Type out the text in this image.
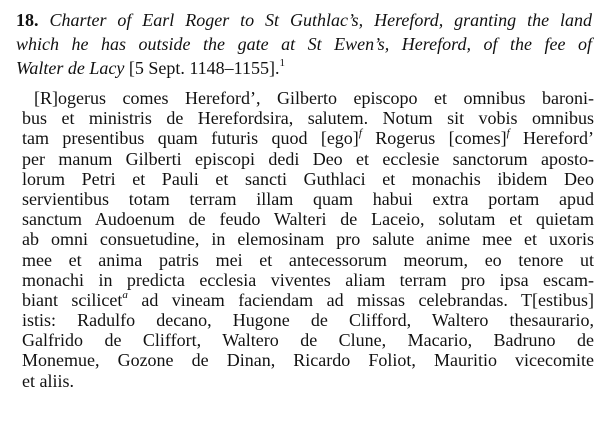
18. Charter of Earl Roger to St Guthlac’s, Hereford, granting the land
which he has outside the gate at St Ewen’s, Hereford, of the fee of
Walter de Lacy [5 Sept. 1148–1155].$^1$
[R]ogerus comes Hereford’, Gilberto episcopo et omnibus baroni-
bus et ministris de Herefordsira, salutem. Notum sit vobis omnibus
tam presentibus quam futuris quod [ego]$^f$ Rogerus [comes]$^f$ Hereford’
per manum Gilberti episcopi dedi Deo et ecclesie sanctorum aposto-
lorum Petri et Pauli et sancti Guthlaci et monachis ibidem Deo
servientibus totam terram illam quam habui extra portam apud
sanctum Audoenum de feudo Walteri de Laceio, solutam et quietam
ab omni consuetudine, in elemosinam pro salute anime mee et uxoris
mee et anima patris mei et antecessorum meorum, eo tenore ut
monachi in predicta ecclesia viventes aliam terram pro ipsa escam-
biant scilicet$^a$ ad vineam faciendam ad missas celebrandas. T[estibus]
istis: Radulfo decano, Hugone de Clifford, Waltero thesaurario,
Galfrido de Cliffort, Waltero de Clune, Macario, Badruno de
Monemue, Gozone de Dinan, Ricardo Foliot, Mauritio vicecomite
et aliis.
